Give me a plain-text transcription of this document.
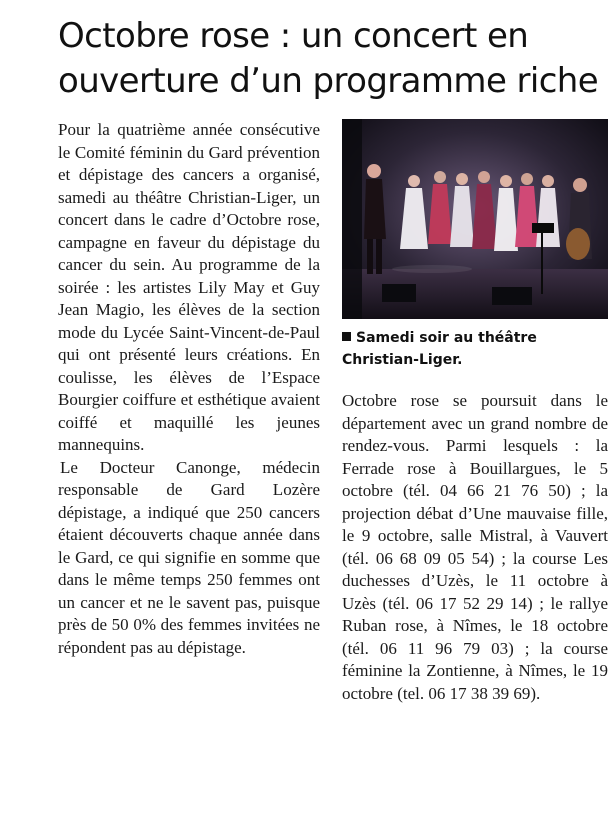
Octobre rose : un concert en ouverture d’un programme riche

Pour la quatrième année consécutive le Comité féminin du Gard prévention et dépistage des cancers a organisé, samedi au théâtre Christian-Liger, un concert dans le cadre d’Octobre rose, campagne en faveur du dépistage du cancer du sein. Au programme de la soirée : les artistes Lily May et Guy Jean Magio, les élèves de la section mode du Lycée Saint-Vincent-de-Paul qui ont présenté leurs créations. En coulisse, les élèves de l’Espace Bourgier coiffure et esthétique avaient coiffé et maquillé les jeunes mannequins.

Le Docteur Canonge, médecin responsable de Gard Lozère dépistage, a indiqué que 250 cancers étaient découverts chaque année dans le Gard, ce qui signifie en somme que dans le même temps 250 femmes ont un cancer et ne le savent pas, puisque près de 50 0% des femmes invitées ne répondent pas au dépistage.

Samedi soir au théâtre Christian-Liger.

Octobre rose se poursuit dans le département avec un grand nombre de rendez-vous. Parmi lesquels : la Ferrade rose à Bouillargues, le 5 octobre (tél. 04 66 21 76 50) ; la projection débat d’Une mauvaise fille, le 9 octobre, salle Mistral, à Vauvert (tél. 06 68 09 05 54) ; la course Les duchesses d’Uzès, le 11 octobre à Uzès (tél. 06 17 52 29 14) ; le rallye Ruban rose, à Nîmes, le 18 octobre (tél. 06 11 96 79 03) ; la course féminine la Zontienne, à Nîmes, le 19 octobre (tel. 06 17 38 39 69).
